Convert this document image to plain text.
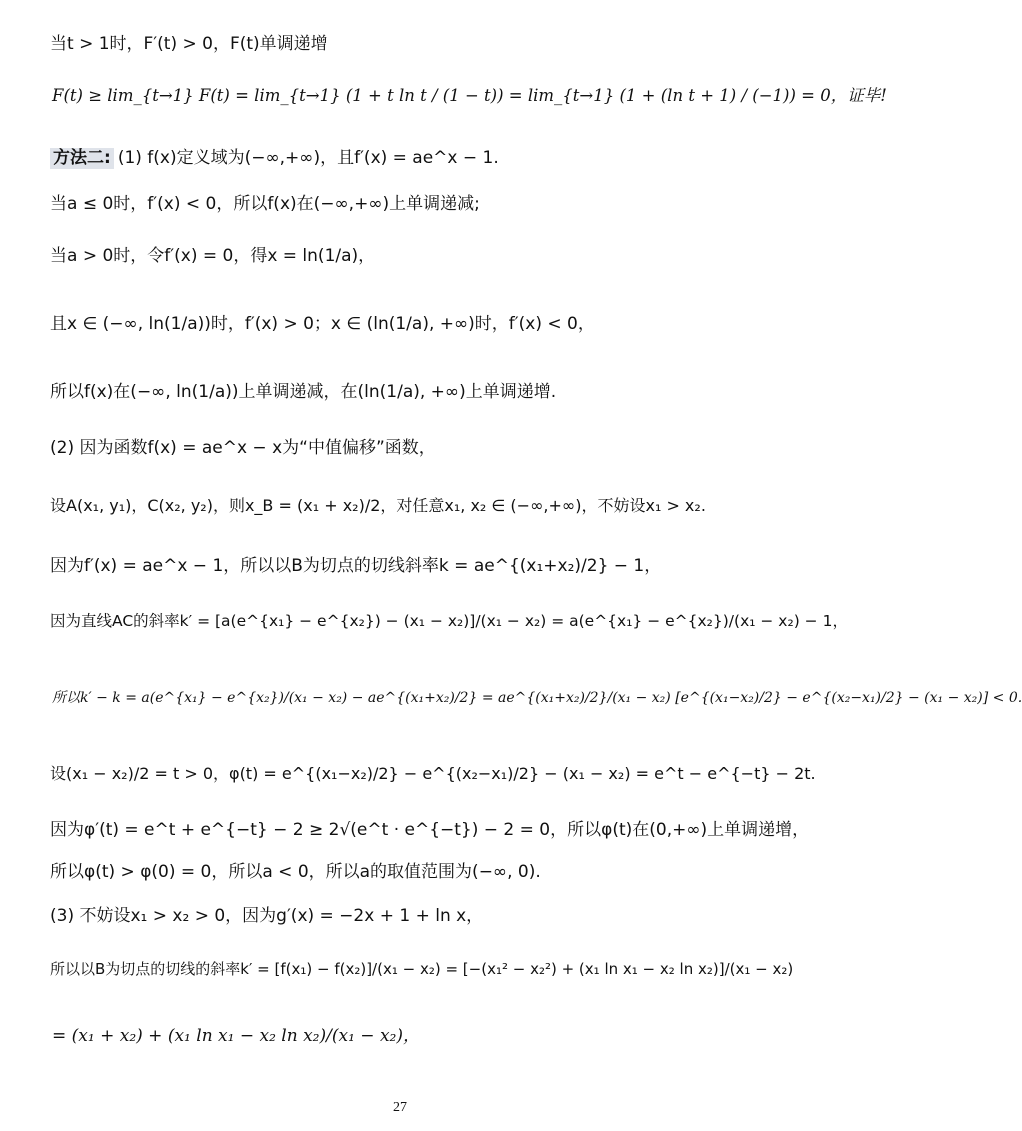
当t > 1时，F′(t) > 0，F(t)单调递增
F(t) ≥ lim_{t→1} F(t) = lim_{t→1} (1 + t ln t / (1 − t)) = lim_{t→1} (1 + (ln t + 1) / (−1)) = 0，证毕!
方法二: (1) f(x)定义域为(−∞,+∞)，且f′(x) = ae^x − 1.
当a ≤ 0时，f′(x) < 0，所以f(x)在(−∞,+∞)上单调递减;
当a > 0时，令f′(x) = 0，得x = ln(1/a)，
且x ∈ (−∞, ln(1/a))时，f′(x) > 0；x ∈ (ln(1/a), +∞)时，f′(x) < 0，
所以f(x)在(−∞, ln(1/a))上单调递减，在(ln(1/a), +∞)上单调递增.
(2) 因为函数f(x) = ae^x − x为“中值偏移”函数，
设A(x₁, y₁)，C(x₂, y₂)，则x_B = (x₁ + x₂)/2，对任意x₁, x₂ ∈ (−∞,+∞)，不妨设x₁ > x₂.
因为f′(x) = ae^x − 1，所以以B为切点的切线斜率k = ae^{(x₁+x₂)/2} − 1，
因为直线AC的斜率k′ = [a(e^{x₁} − e^{x₂}) − (x₁ − x₂)]/(x₁ − x₂) = a(e^{x₁} − e^{x₂})/(x₁ − x₂) − 1，
所以k′ − k = a(e^{x₁} − e^{x₂})/(x₁ − x₂) − ae^{(x₁+x₂)/2} = ae^{(x₁+x₂)/2}/(x₁ − x₂) [e^{(x₁−x₂)/2} − e^{(x₂−x₁)/2} − (x₁ − x₂)] < 0.
设(x₁ − x₂)/2 = t > 0，φ(t) = e^{(x₁−x₂)/2} − e^{(x₂−x₁)/2} − (x₁ − x₂) = e^t − e^{−t} − 2t.
因为φ′(t) = e^t + e^{−t} − 2 ≥ 2√(e^t · e^{−t}) − 2 = 0，所以φ(t)在(0,+∞)上单调递增，
所以φ(t) > φ(0) = 0，所以a < 0，所以a的取值范围为(−∞, 0).
(3) 不妨设x₁ > x₂ > 0，因为g′(x) = −2x + 1 + ln x，
所以以B为切点的切线的斜率k′ = [f(x₁) − f(x₂)]/(x₁ − x₂) = [−(x₁² − x₂²) + (x₁ ln x₁ − x₂ ln x₂)]/(x₁ − x₂)
= (x₁ + x₂) + (x₁ ln x₁ − x₂ ln x₂)/(x₁ − x₂)，
27
